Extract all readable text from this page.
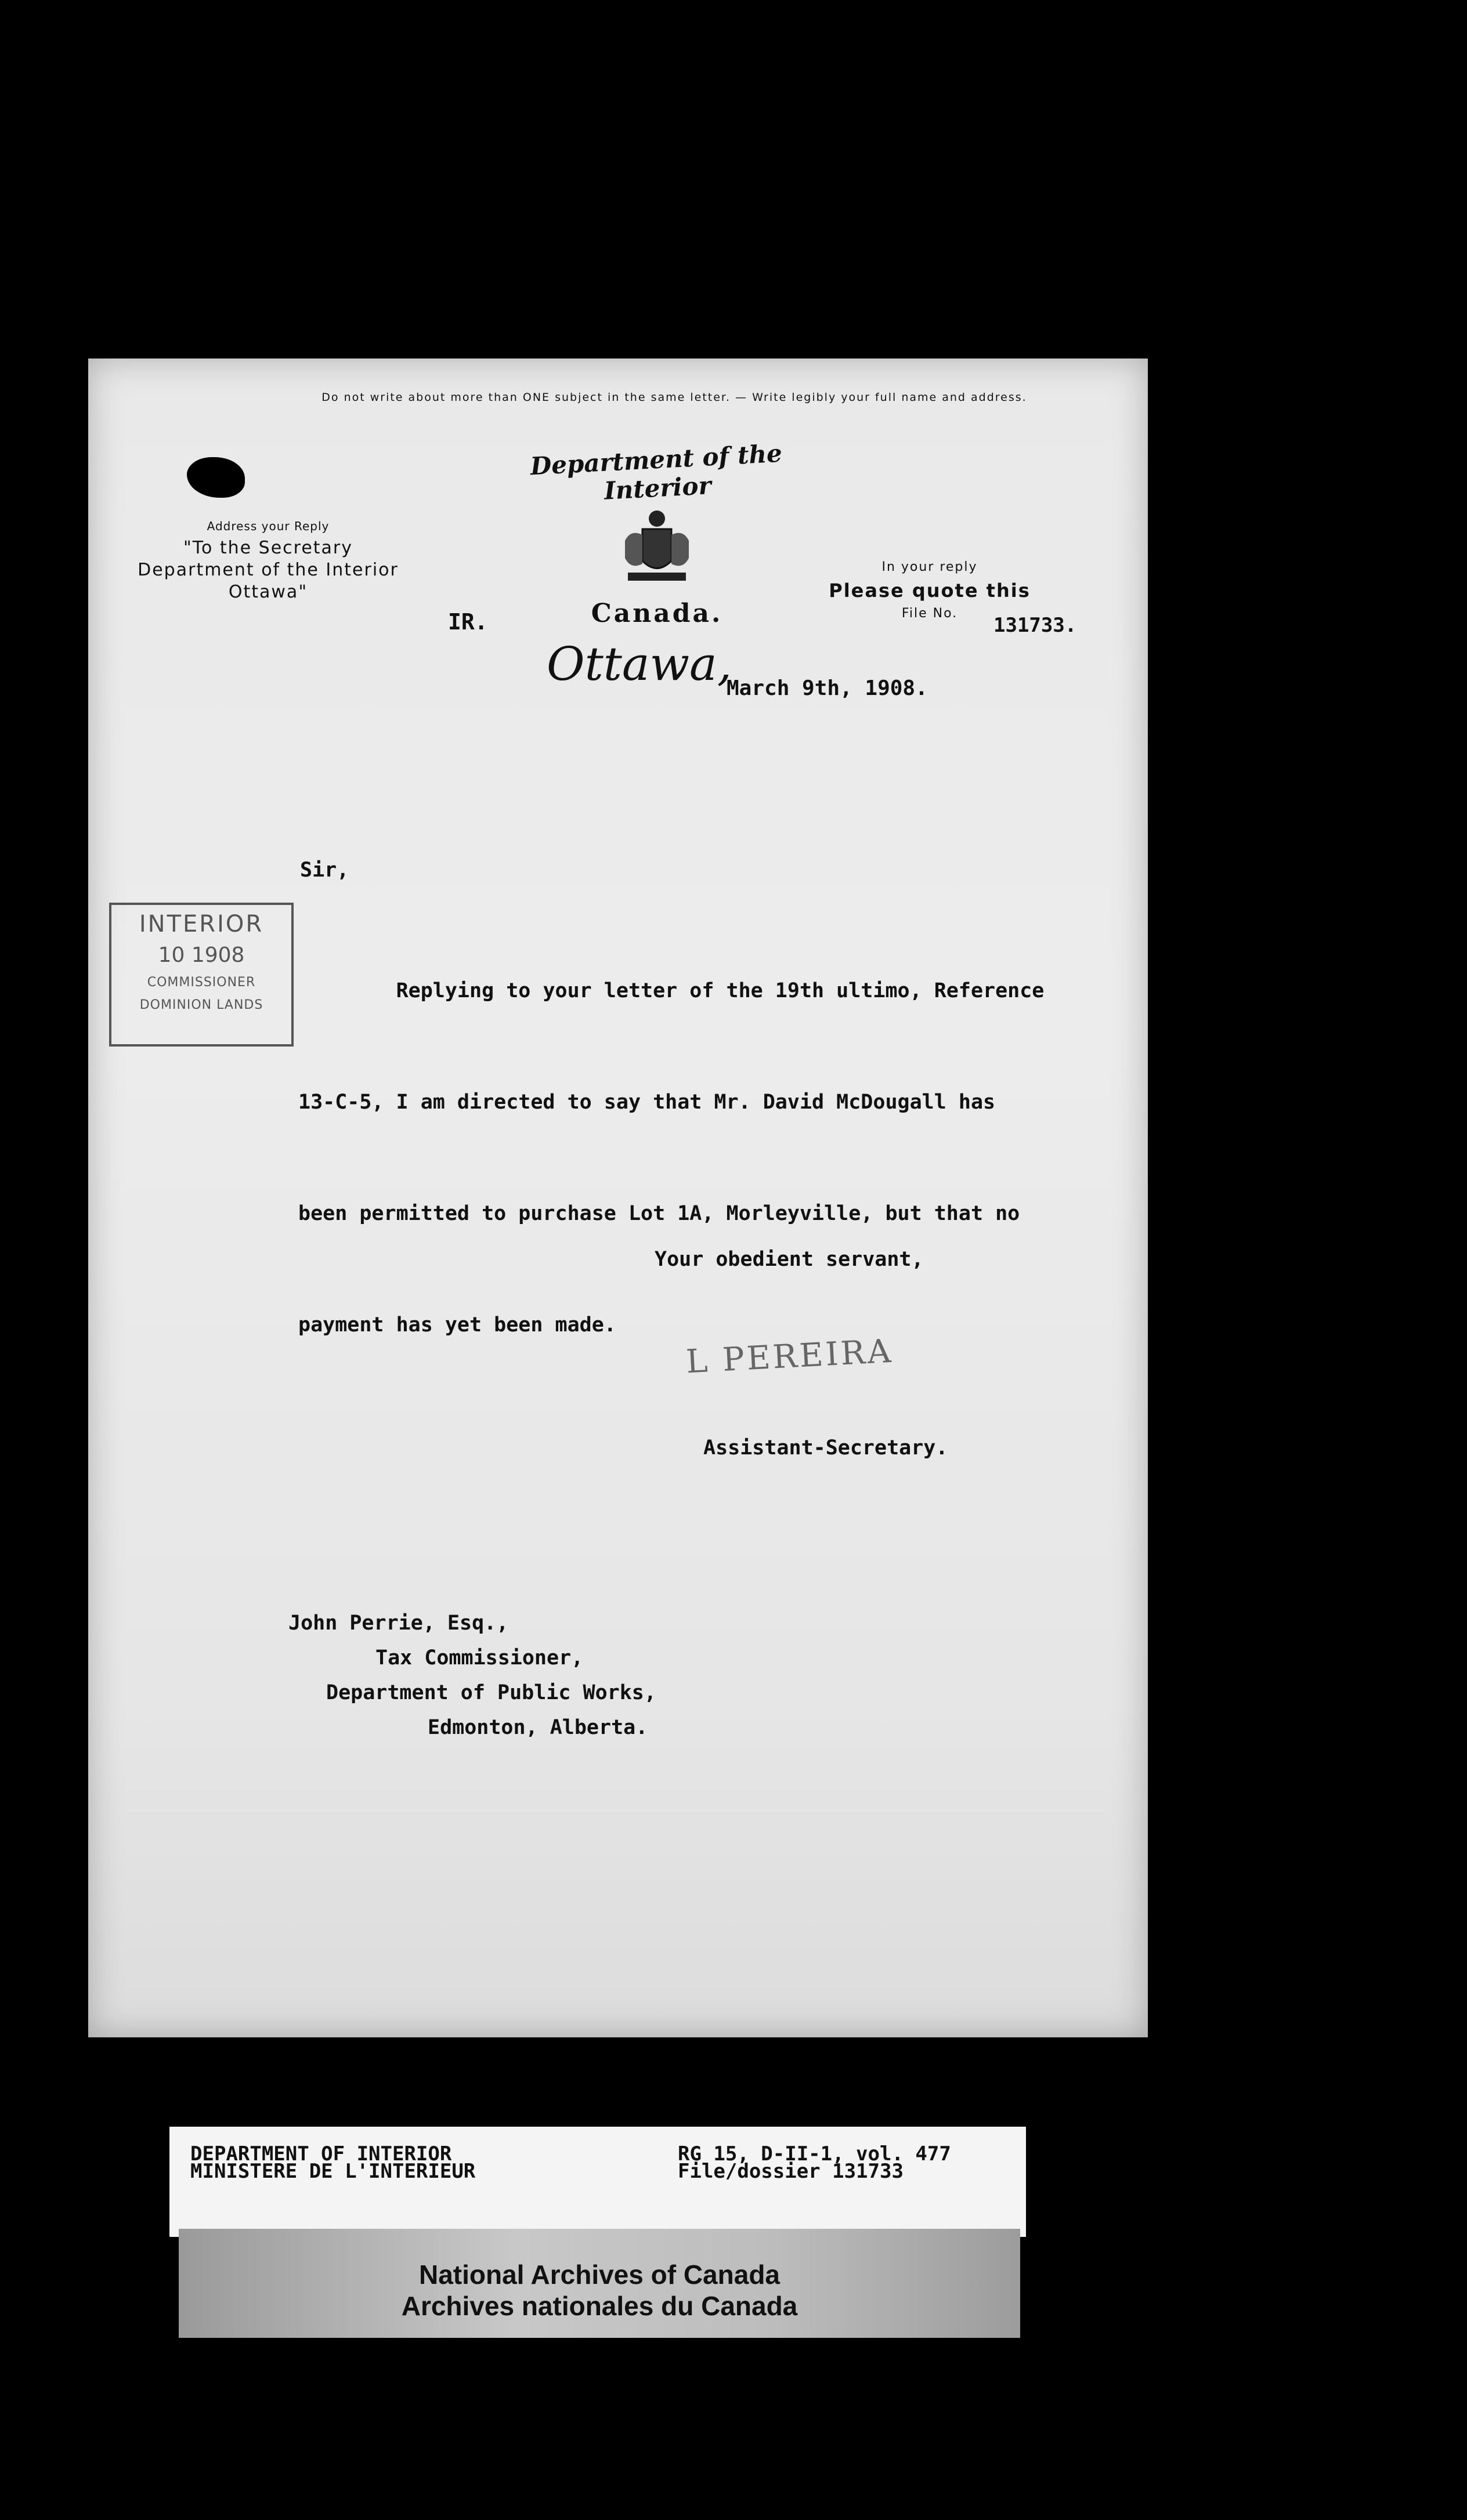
Do not write about more than ONE subject in the same letter. — Write legibly your full name and address.
Address your Reply
"To the Secretary
Department of the Interior
Ottawa"
Department of the Interior
Canada.
In your reply
Please quote this
File No.
131733.
IR.
Ottawa,
March 9th, 1908.
INTERIOR
10 1908
COMMISSIONER
DOMINION LANDS
Sir,

Replying to your letter of the 19th ultimo, Reference

13-C-5, I am directed to say that Mr. David McDougall has

been permitted to purchase Lot 1A, Morleyville, but that no

payment has yet been made.

Your obedient servant,
L PEREIRA
Assistant-Secretary.
John Perrie, Esq.,
Tax Commissioner,
Department of Public Works,
Edmonton, Alberta.
DEPARTMENT OF INTERIOR
MINISTERE DE L'INTERIEUR
RG 15, D-II-1, vol. 477
File/dossier 131733
National Archives of Canada
Archives nationales du Canada
